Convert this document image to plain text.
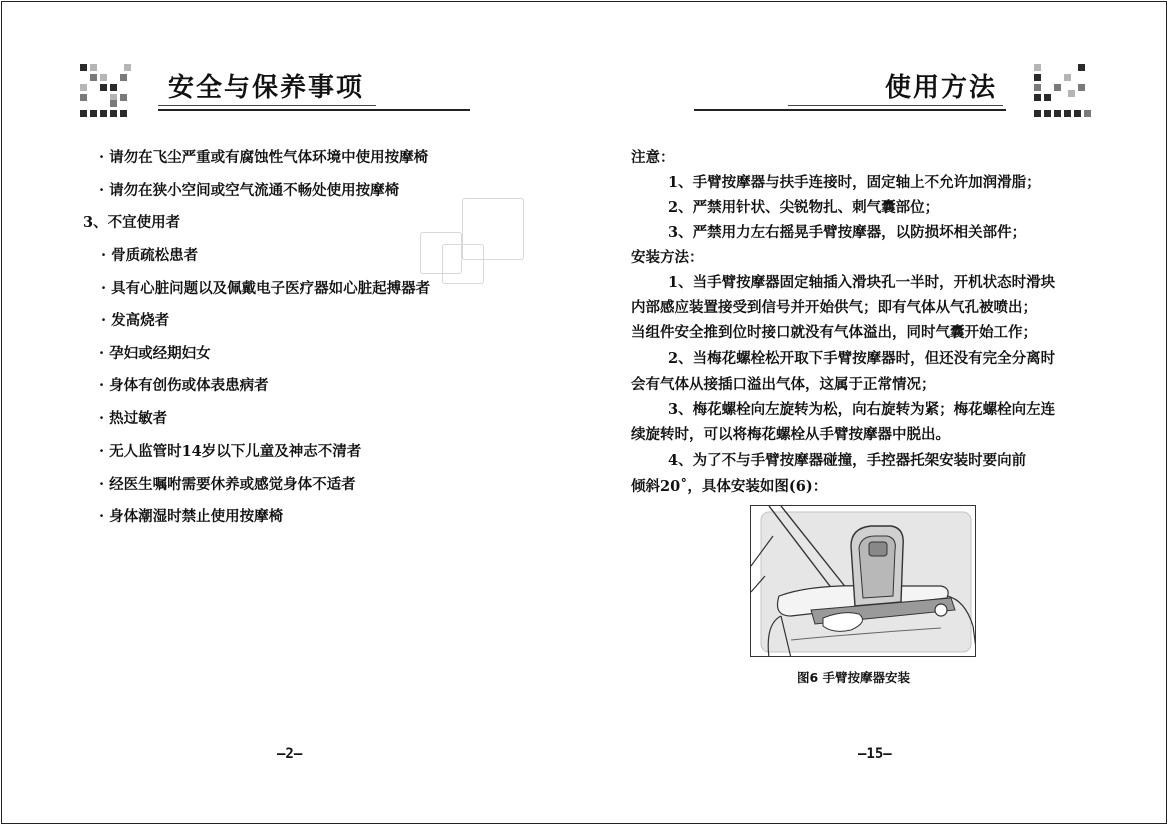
安全与保养事项
· 请勿在飞尘严重或有腐蚀性气体环境中使用按摩椅
· 请勿在狭小空间或空气流通不畅处使用按摩椅
3、不宜使用者
· 骨质疏松患者
· 具有心脏问题以及佩戴电子医疗器如心脏起搏器者
· 发高烧者
· 孕妇或经期妇女
· 身体有创伤或体表患病者
· 热过敏者
· 无人监管时14岁以下儿童及神志不清者
· 经医生嘱咐需要休养或感觉身体不适者
· 身体潮湿时禁止使用按摩椅
—2—
使用方法
注意：
1、手臂按摩器与扶手连接时，固定轴上不允许加润滑脂；
2、严禁用针状、尖锐物扎、刺气囊部位；
3、严禁用力左右摇晃手臂按摩器，以防损坏相关部件；
安装方法：
1、当手臂按摩器固定轴插入滑块孔一半时，开机状态时滑块
内部感应装置接受到信号并开始供气；即有气体从气孔被喷出；
当组件安全推到位时接口就没有气体溢出，同时气囊开始工作；
2、当梅花螺栓松开取下手臂按摩器时，但还没有完全分离时
会有气体从接插口溢出气体，这属于正常情况；
3、梅花螺栓向左旋转为松，向右旋转为紧；梅花螺栓向左连
续旋转时，可以将梅花螺栓从手臂按摩器中脱出。
4、为了不与手臂按摩器碰撞，手控器托架安装时要向前
倾斜20˚，具体安装如图(6)：
图6 手臂按摩器安装
—15—
